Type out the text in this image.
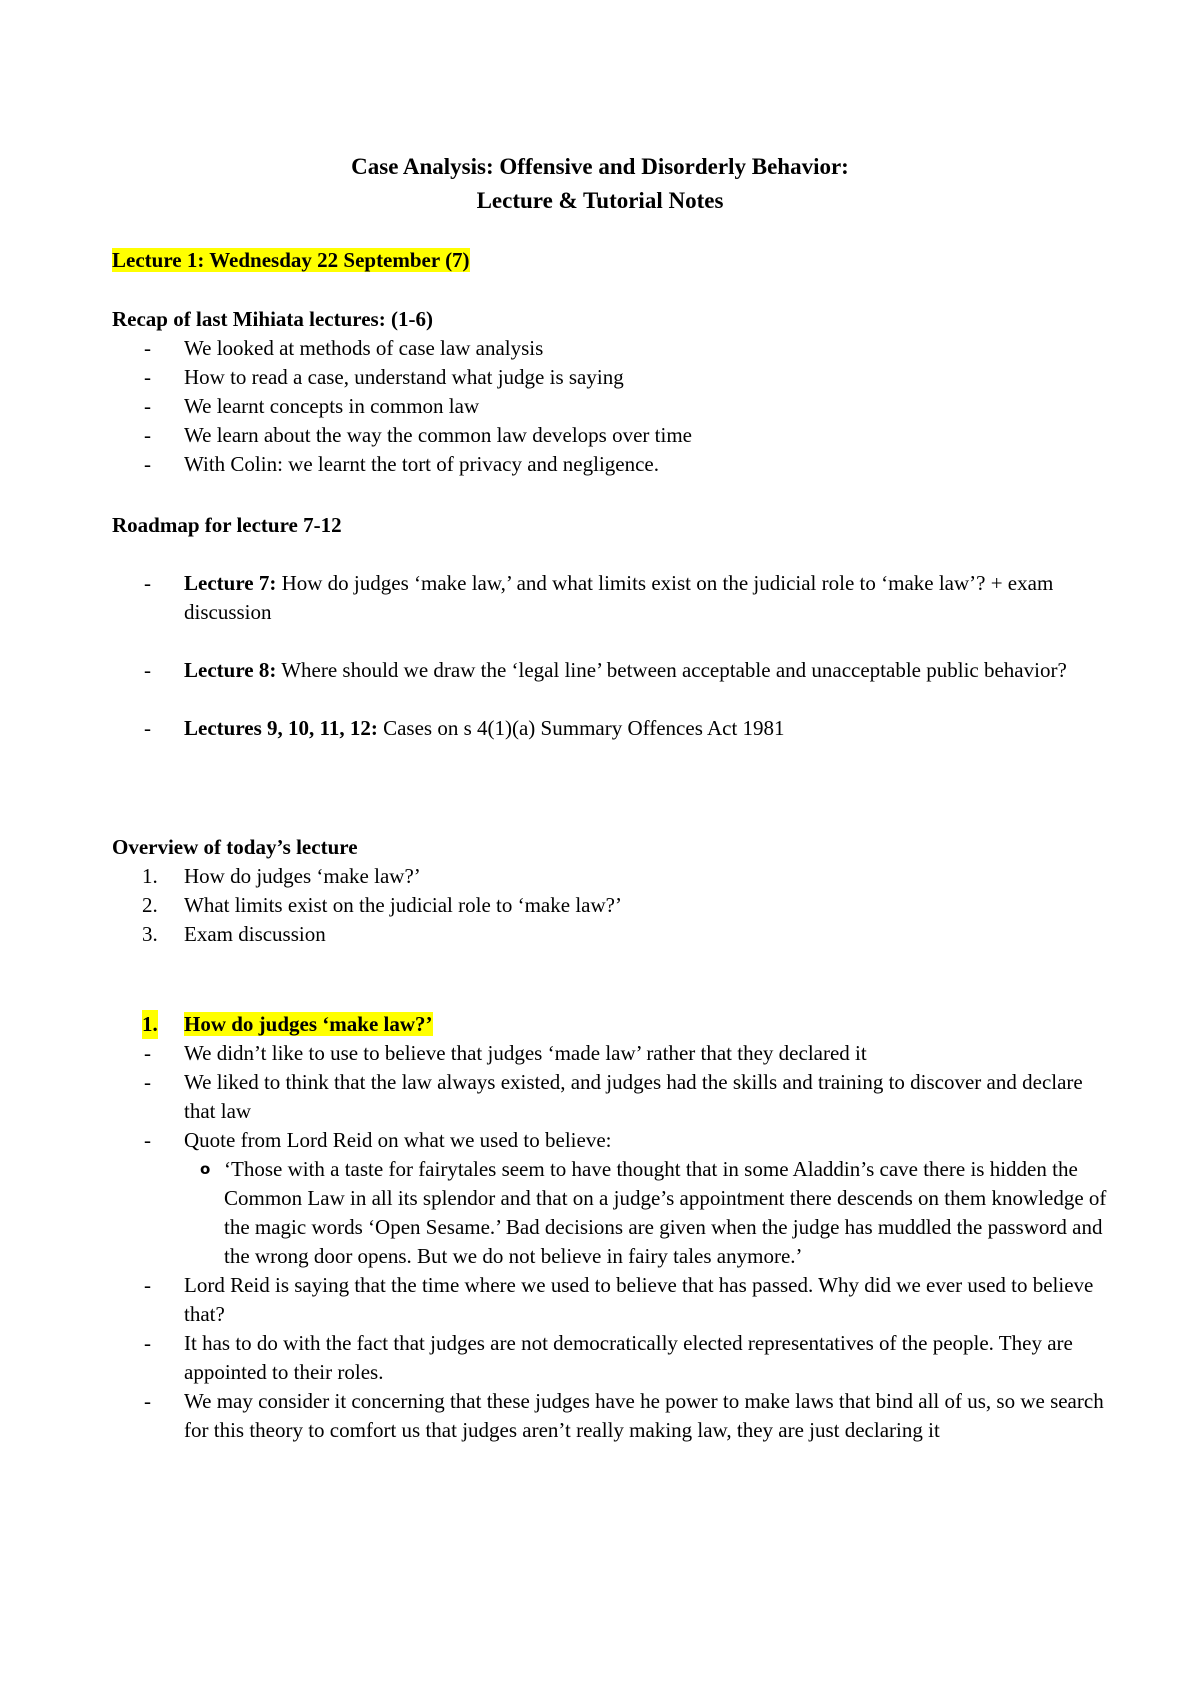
Case Analysis: Offensive and Disorderly Behavior:
Lecture & Tutorial Notes
Lecture 1: Wednesday 22 September (7)
Recap of last Mihiata lectures: (1-6)
- We looked at methods of case law analysis
- How to read a case, understand what judge is saying
- We learnt concepts in common law
- We learn about the way the common law develops over time
- With Colin: we learnt the tort of privacy and negligence.
Roadmap for lecture 7-12
- Lecture 7: How do judges ‘make law,’ and what limits exist on the judicial role to ‘make law’? + exam discussion
- Lecture 8: Where should we draw the ‘legal line’ between acceptable and unacceptable public behavior?
- Lectures 9, 10, 11, 12: Cases on s 4(1)(a) Summary Offences Act 1981
Overview of today’s lecture
1. How do judges ‘make law?’
2. What limits exist on the judicial role to ‘make law?’
3. Exam discussion
1. How do judges ‘make law?’
- We didn’t like to use to believe that judges ‘made law’ rather that they declared it
- We liked to think that the law always existed, and judges had the skills and training to discover and declare that law
- Quote from Lord Reid on what we used to believe:
o ‘Those with a taste for fairytales seem to have thought that in some Aladdin’s cave there is hidden the Common Law in all its splendor and that on a judge’s appointment there descends on them knowledge of the magic words ‘Open Sesame.’ Bad decisions are given when the judge has muddled the password and the wrong door opens. But we do not believe in fairy tales anymore.’
- Lord Reid is saying that the time where we used to believe that has passed. Why did we ever used to believe that?
- It has to do with the fact that judges are not democratically elected representatives of the people. They are appointed to their roles.
- We may consider it concerning that these judges have he power to make laws that bind all of us, so we search for this theory to comfort us that judges aren’t really making law, they are just declaring it
